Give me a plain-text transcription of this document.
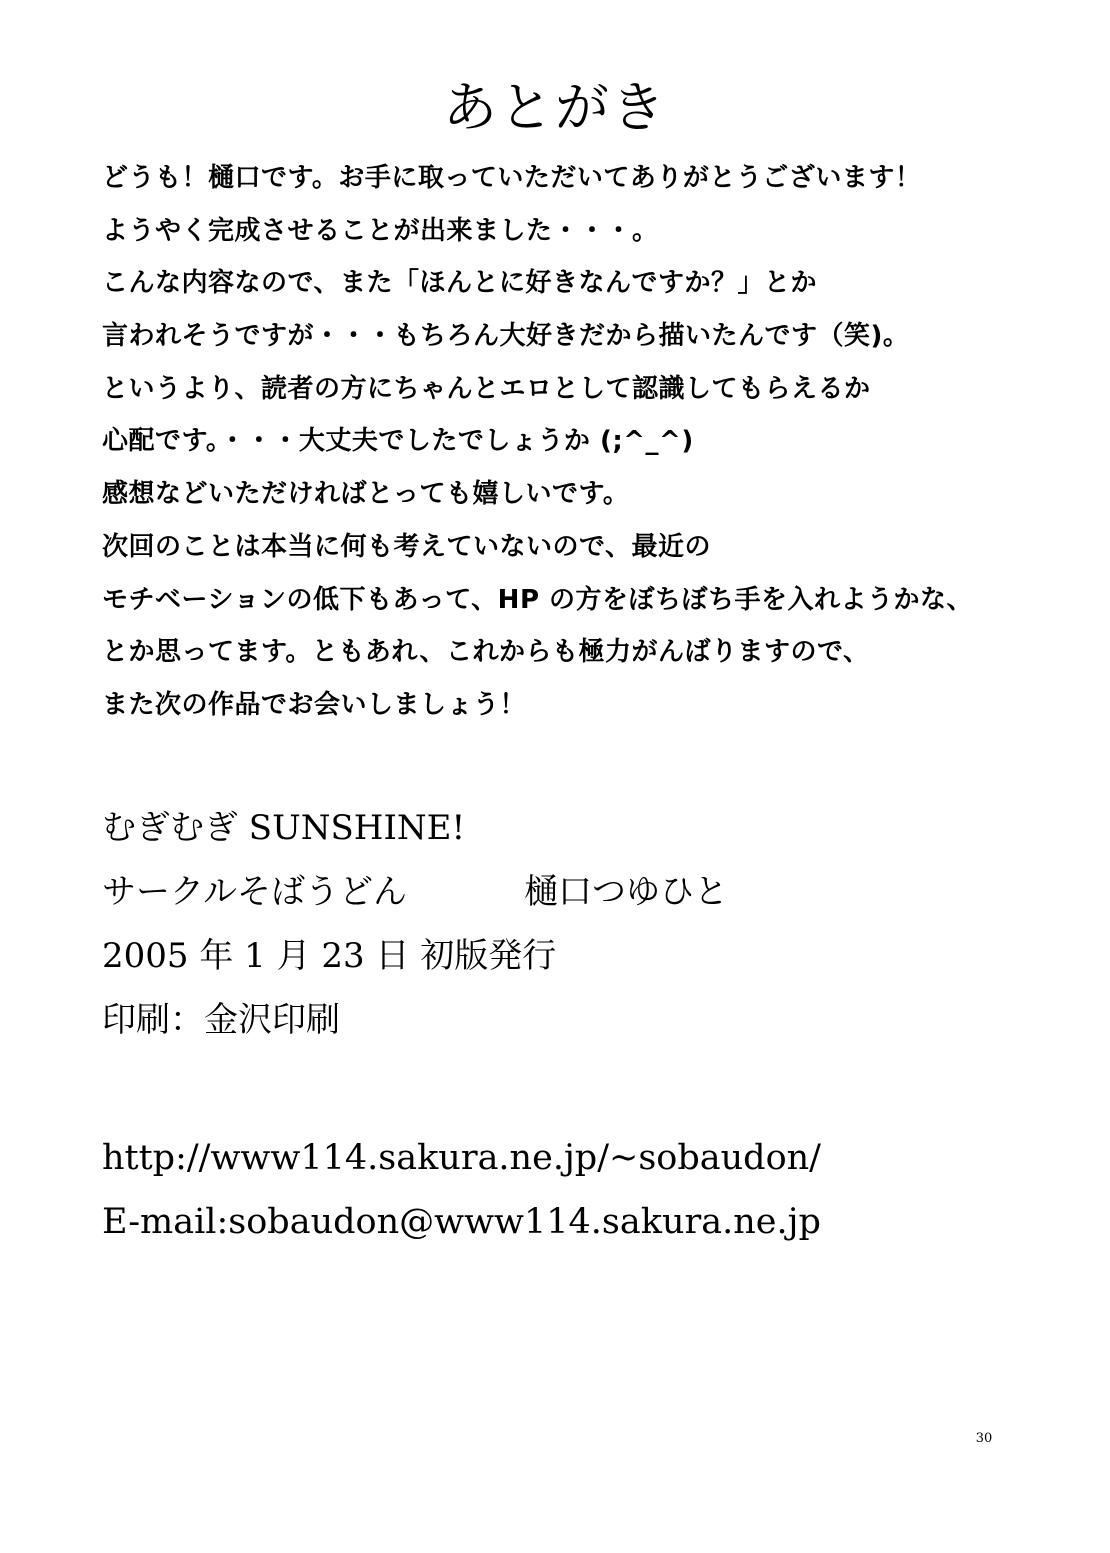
あとがき
どうも！樋口です。お手に取っていただいてありがとうございます！
ようやく完成させることが出来ました・・・。
こんな内容なので、また「ほんとに好きなんですか？」とか
言われそうですが・・・もちろん大好きだから描いたんです（笑)。
というより、読者の方にちゃんとエロとして認識してもらえるか
心配です。・・・大丈夫でしたでしょうか (;^_^)
感想などいただければとっても嬉しいです。
次回のことは本当に何も考えていないので、最近の
モチベーションの低下もあって、HP の方をぼちぼち手を入れようかな、
とか思ってます。ともあれ、これからも極力がんばりますので、
また次の作品でお会いしましょう！
むぎむぎ SUNSHINE!
サークルそばうどん	樋口つゆひと
2005 年 1 月 23 日 初版発行
印刷：金沢印刷
http://www114.sakura.ne.jp/~sobaudon/
E-mail:sobaudon@www114.sakura.ne.jp
30
